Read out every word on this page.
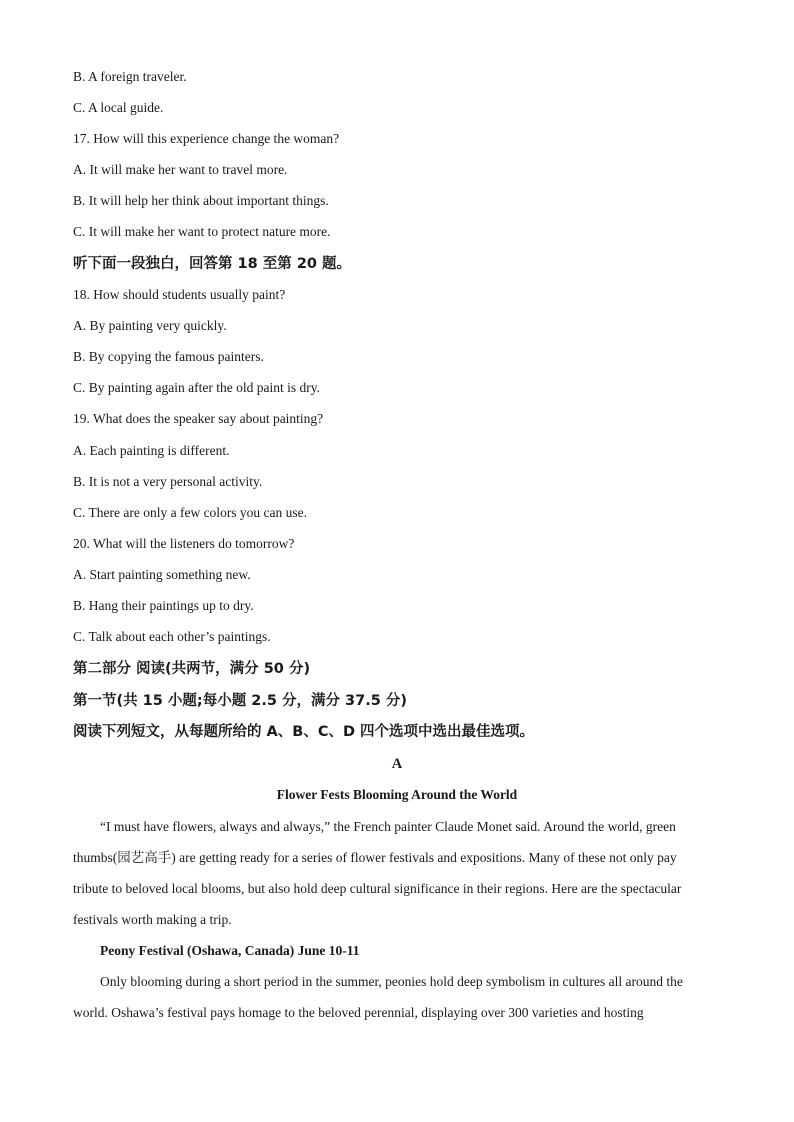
B. A foreign traveler.
C. A local guide.
17. How will this experience change the woman?
A. It will make her want to travel more.
B. It will help her think about important things.
C. It will make her want to protect nature more.
听下面一段独白，回答第 18 至第 20 题。
18. How should students usually paint?
A. By painting very quickly.
B. By copying the famous painters.
C. By painting again after the old paint is dry.
19. What does the speaker say about painting?
A. Each painting is different.
B. It is not a very personal activity.
C. There are only a few colors you can use.
20. What will the listeners do tomorrow?
A. Start painting something new.
B. Hang their paintings up to dry.
C. Talk about each other’s paintings.
第二部分 阅读(共两节，满分 50 分)
第一节(共 15 小题;每小题 2.5 分，满分 37.5 分)
阅读下列短文，从每题所给的 A、B、C、D 四个选项中选出最佳选项。
A
Flower Fests Blooming Around the World
“I must have flowers, always and always,” the French painter Claude Monet said. Around the world, green
thumbs(园艺高手) are getting ready for a series of flower festivals and expositions. Many of these not only pay
tribute to beloved local blooms, but also hold deep cultural significance in their regions. Here are the spectacular
festivals worth making a trip.
Peony Festival (Oshawa, Canada) June 10-11
Only blooming during a short period in the summer, peonies hold deep symbolism in cultures all around the
world. Oshawa’s festival pays homage to the beloved perennial, displaying over 300 varieties and hosting
